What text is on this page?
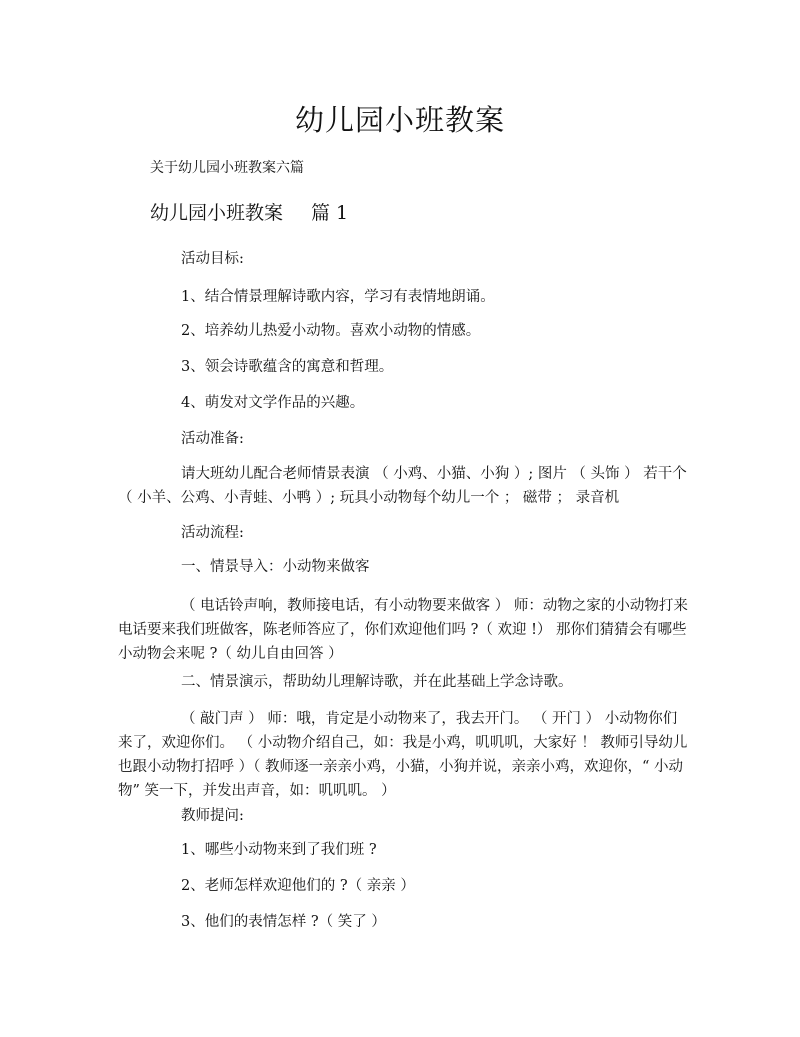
幼儿园小班教案
关于幼儿园小班教案六篇
幼儿园小班教案 篇 1

活动目标:

1、结合情景理解诗歌内容，学习有表情地朗诵。

2、培养幼儿热爱小动物。喜欢小动物的情感。

3、领会诗歌蕴含的寓意和哲理。

4、萌发对文学作品的兴趣。

活动准备:

请大班幼儿配合老师情景表演 （ 小鸡、小猫、小狗 ）; 图片 （ 头饰 ） 若干个 （ 小羊、公鸡、小青蛙、小鸭 ）; 玩具小动物每个幼儿一个 ； 磁带 ； 录音机

活动流程:

一、情景导入：小动物来做客

（ 电话铃声响，教师接电话，有小动物要来做客 ） 师：动物之家的小动物打来电话要来我们班做客，陈老师答应了，你们欢迎他们吗 ?（ 欢迎 !） 那你们猜猜会有哪些小动物会来呢 ?（ 幼儿自由回答 ）

二、情景演示，帮助幼儿理解诗歌，并在此基础上学念诗歌。

（ 敲门声 ） 师：哦，肯定是小动物来了，我去开门。 （ 开门 ） 小动物你们来了，欢迎你们。 （ 小动物介绍自己，如：我是小鸡，叽叽叽，大家好 ！ 教师引导幼儿也跟小动物打招呼 ）（ 教师逐一亲亲小鸡，小猫，小狗并说，亲亲小鸡，欢迎你，“ 小动物” 笑一下，并发出声音，如：叽叽叽。 ）

教师提问:

1、哪些小动物来到了我们班 ?

2、老师怎样欢迎他们的 ?（ 亲亲 ）

3、他们的表情怎样 ?（ 笑了 ）
